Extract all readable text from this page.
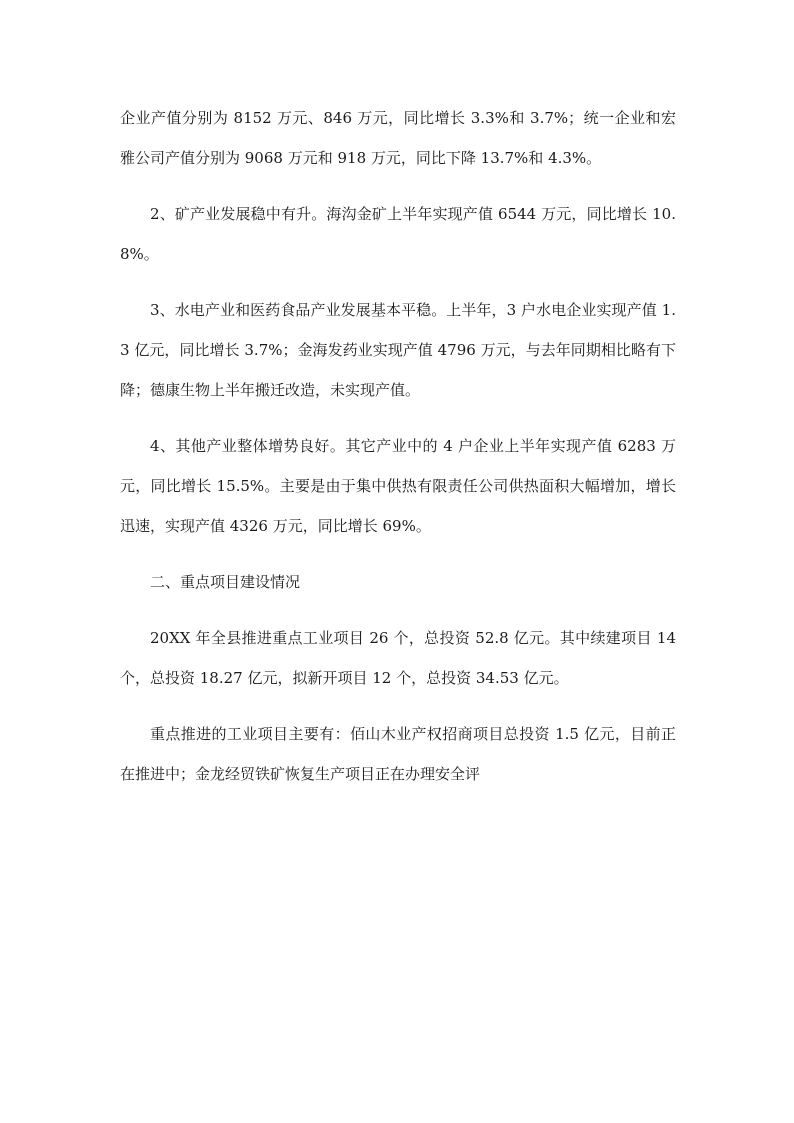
企业产值分别为 8152 万元、846 万元，同比增长 3.3%和 3.7%；统一企业和宏雅公司产值分别为 9068 万元和 918 万元，同比下降 13.7%和 4.3%。

2、矿产业发展稳中有升。海沟金矿上半年实现产值 6544 万元，同比增长 10.8%。

3、水电产业和医药食品产业发展基本平稳。上半年，3 户水电企业实现产值 1.3 亿元，同比增长 3.7%；金海发药业实现产值 4796 万元，与去年同期相比略有下降；德康生物上半年搬迁改造，未实现产值。

4、其他产业整体增势良好。其它产业中的 4 户企业上半年实现产值 6283 万元，同比增长 15.5%。主要是由于集中供热有限责任公司供热面积大幅增加，增长迅速，实现产值 4326 万元，同比增长 69%。

二、重点项目建设情况

20XX 年全县推进重点工业项目 26 个，总投资 52.8 亿元。其中续建项目 14 个，总投资 18.27 亿元，拟新开项目 12 个，总投资 34.53 亿元。

重点推进的工业项目主要有：佰山木业产权招商项目总投资 1.5 亿元，目前正在推进中；金龙经贸铁矿恢复生产项目正在办理安全评
